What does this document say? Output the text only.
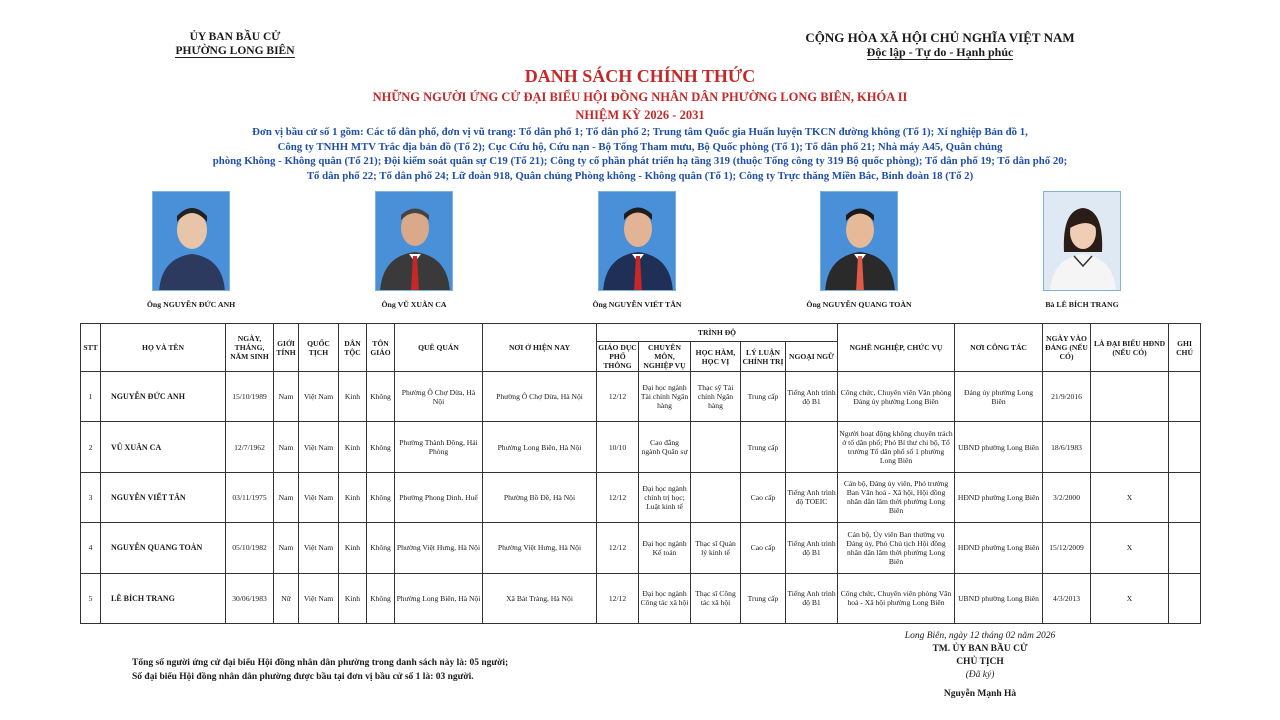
ỦY BAN BẦU CỬ
PHƯỜNG LONG BIÊN
CỘNG HÒA XÃ HỘI CHỦ NGHĨA VIỆT NAM
Độc lập - Tự do - Hạnh phúc
DANH SÁCH CHÍNH THỨC
NHỮNG NGƯỜI ỨNG CỬ ĐẠI BIỂU HỘI ĐỒNG NHÂN DÂN PHƯỜNG LONG BIÊN, KHÓA II
NHIỆM KỲ 2026 - 2031
Đơn vị bầu cử số 1 gồm: Các tổ dân phố, đơn vị vũ trang: Tổ dân phố 1; Tổ dân phố 2; Trung tâm Quốc gia Huấn luyện TKCN đường không (Tổ 1); Xí nghiệp Bản đồ 1,
Công ty TNHH MTV Trắc địa bản đồ (Tổ 2); Cục Cứu hộ, Cứu nạn - Bộ Tổng Tham mưu, Bộ Quốc phòng (Tổ 1); Tổ dân phố 21; Nhà máy A45, Quân chủng
phòng Không - Không quân (Tổ 21); Đội kiểm soát quân sự C19 (Tổ 21); Công ty cổ phần phát triển hạ tầng 319 (thuộc Tổng công ty 319 Bộ quốc phòng); Tổ dân phố 19; Tổ dân phố 20;
Tổ dân phố 22; Tổ dân phố 24; Lữ đoàn 918, Quân chủng Phòng không - Không quân (Tổ 1); Công ty Trực thăng Miền Bắc, Binh đoàn 18 (Tổ 2)
Ông NGUYỄN ĐỨC ANH	Ông VŨ XUÂN CA	Ông NGUYỄN VIẾT TÂN	Ông NGUYỄN QUANG TOÀN	Bà LÊ BÍCH TRANG
STT	HỌ VÀ TÊN	NGÀY, THÁNG, NĂM SINH	GIỚI TÍNH	QUỐC TỊCH	DÂN TỘC	TÔN GIÁO	QUÊ QUÁN	NƠI Ở HIỆN NAY	TRÌNH ĐỘ					NGHỀ NGHIỆP, CHỨC VỤ	NƠI CÔNG TÁC	NGÀY VÀO ĐẢNG (NẾU CÓ)	LÀ ĐẠI BIỂU HĐND (NẾU CÓ)	GHI CHÚ
									GIÁO DỤC PHỔ THÔNG	CHUYÊN MÔN, NGHIỆP VỤ	HỌC HÀM, HỌC VỊ	LÝ LUẬN CHÍNH TRỊ	NGOẠI NGỮ					
1	NGUYỄN ĐỨC ANH	15/10/1989	Nam	Việt Nam	Kinh	Không	Phường Ô Chợ Dừa, Hà Nội	Phường Ô Chợ Dừa, Hà Nội	12/12	Đại học ngành Tài chính Ngân hàng	Thạc sỹ Tài chính Ngân hàng	Trung cấp	Tiếng Anh trình độ B1	Công chức, Chuyên viên Văn phòng Đảng ủy phường Long Biên	Đảng ủy phường Long Biên	21/9/2016		
2	VŨ XUÂN CA	12/7/1962	Nam	Việt Nam	Kinh	Không	Phường Thành Đông, Hải Phòng	Phường Long Biên, Hà Nội	10/10	Cao đẳng ngành Quân sự		Trung cấp		Người hoạt động không chuyên trách ở tổ dân phố; Phó Bí thư chi bộ, Tổ trưởng Tổ dân phố số 1 phường Long Biên	UBND phường Long Biên	18/6/1983		
3	NGUYỄN VIẾT TÂN	03/11/1975	Nam	Việt Nam	Kinh	Không	Phường Phong Dinh, Huế	Phường Bồ Đề, Hà Nội	12/12	Đại học ngành chính trị học; Luật kinh tế		Cao cấp	Tiếng Anh trình độ TOEIC	Cán bộ, Đảng ủy viên, Phó trưởng Ban Văn hoá - Xã hội, Hội đồng nhân dân lâm thời phường Long Biên	HĐND phường Long Biên	3/2/2000	X	
4	NGUYỄN QUANG TOÀN	05/10/1982	Nam	Việt Nam	Kinh	Không	Phường Việt Hưng, Hà Nội	Phường Việt Hưng, Hà Nội	12/12	Đại học ngành Kế toán	Thạc sĩ Quản lý kinh tế	Cao cấp	Tiếng Anh trình độ B1	Cán bộ, Ủy viên Ban thường vụ Đảng ủy, Phó Chủ tịch Hội đồng nhân dân lâm thời phường Long Biên	HĐND phường Long Biên	15/12/2009	X	
5	LÊ BÍCH TRANG	30/06/1983	Nữ	Việt Nam	Kinh	Không	Phường Long Biên, Hà Nội	Xã Bát Tràng, Hà Nội	12/12	Đại học ngành Công tác xã hội	Thạc sĩ Công tác xã hội	Trung cấp	Tiếng Anh trình độ B1	Công chức, Chuyên viên phòng Văn hoá - Xã hội phường Long Biên	UBND phường Long Biên	4/3/2013	X	
Tổng số người ứng cử đại biểu Hội đồng nhân dân phường trong danh sách này là: 05 người;
Số đại biểu Hội đồng nhân dân phường được bầu tại đơn vị bầu cử số 1 là: 03 người.
Long Biên, ngày 12 tháng 02 năm 2026
TM. ỦY BAN BẦU CỬ
CHỦ TỊCH
(Đã ký)
Nguyễn Mạnh Hà
